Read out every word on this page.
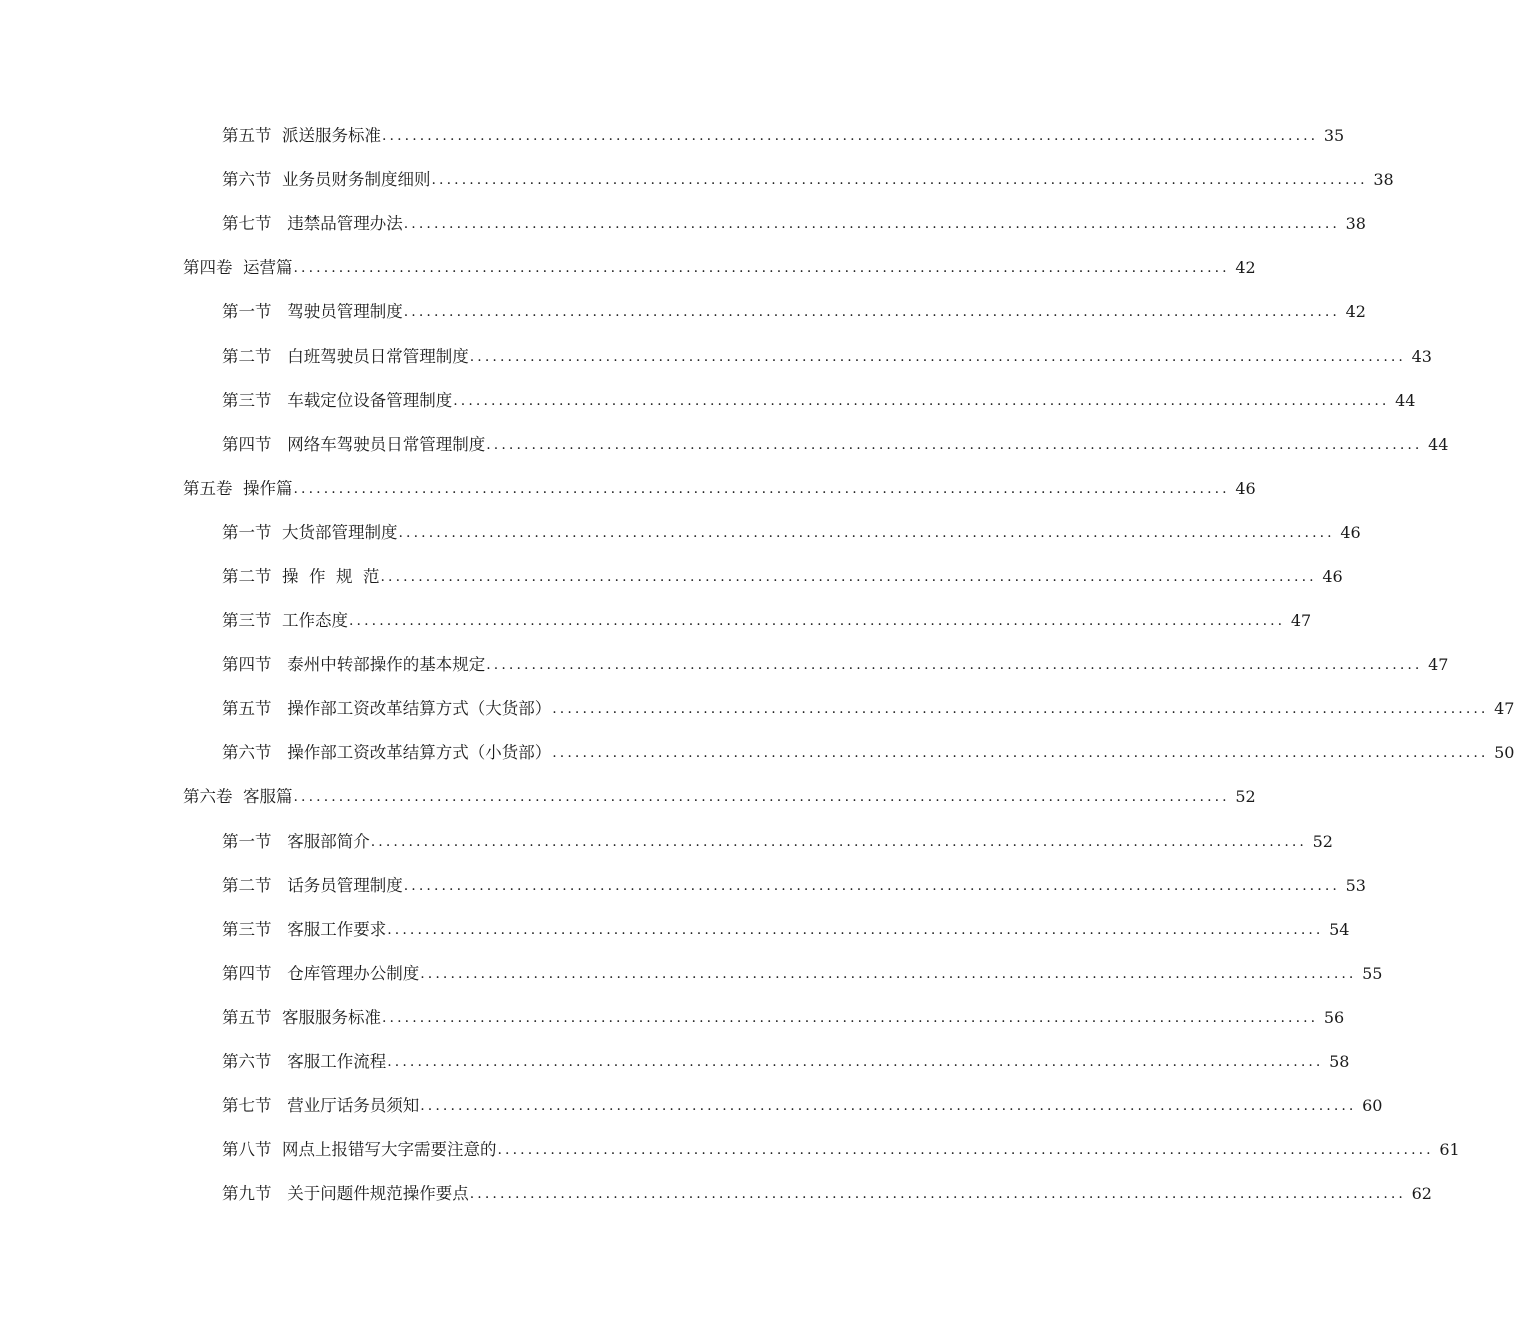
第五节  派送服务标准 ............................................................................................................................ 35
第六节  业务员财务制度细则 ............................................................................................................................ 38
第七节   违禁品管理办法 ............................................................................................................................ 38
第四卷  运营篇 ............................................................................................................................ 42
第一节   驾驶员管理制度 ............................................................................................................................ 42
第二节   白班驾驶员日常管理制度 ............................................................................................................................ 43
第三节   车载定位设备管理制度 ............................................................................................................................ 44
第四节   网络车驾驶员日常管理制度 ............................................................................................................................ 44
第五卷  操作篇 ............................................................................................................................ 46
第一节  大货部管理制度 ............................................................................................................................ 46
第二节  操  作  规  范 ............................................................................................................................ 46
第三节  工作态度 ............................................................................................................................ 47
第四节   泰州中转部操作的基本规定 ............................................................................................................................ 47
第五节   操作部工资改革结算方式（大货部） ............................................................................................................................ 47
第六节   操作部工资改革结算方式（小货部） ............................................................................................................................ 50
第六卷  客服篇 ............................................................................................................................ 52
第一节   客服部简介 ............................................................................................................................ 52
第二节   话务员管理制度 ............................................................................................................................ 53
第三节   客服工作要求 ............................................................................................................................ 54
第四节   仓库管理办公制度 ............................................................................................................................ 55
第五节  客服服务标准 ............................................................................................................................ 56
第六节   客服工作流程 ............................................................................................................................ 58
第七节   营业厅话务员须知 ............................................................................................................................ 60
第八节  网点上报错写大字需要注意的 ............................................................................................................................ 61
第九节   关于问题件规范操作要点 ............................................................................................................................ 62
